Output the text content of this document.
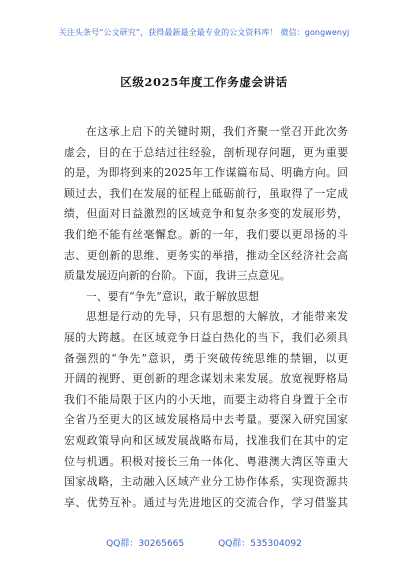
关注头条号“公文研究”，获得最新最全最专业的公文资料库！ 微信：gongwenyj
区级2025年度工作务虚会讲话
在这承上启下的关键时期，我们齐聚一堂召开此次务
虚会，目的在于总结过往经验，剖析现存问题，更为重要
的是，为即将到来的2025年工作谋篇布局、明确方向。回
顾过去，我们在发展的征程上砥砺前行，虽取得了一定成
绩，但面对日益激烈的区域竞争和复杂多变的发展形势，
我们绝不能有丝毫懈怠。新的一年，我们要以更昂扬的斗
志、更创新的思维、更务实的举措，推动全区经济社会高
质量发展迈向新的台阶。下面，我讲三点意见。
一、要有“争先”意识，敢于解放思想
思想是行动的先导，只有思想的大解放，才能带来发
展的大跨越。在区域竞争日益白热化的当下，我们必须具
备强烈的“争先”意识，勇于突破传统思维的禁锢，以更
开阔的视野、更创新的理念谋划未来发展。放宽视野格局
我们不能局限于区内的小天地，而要主动将自身置于全市
全省乃至更大的区域发展格局中去考量。要深入研究国家
宏观政策导向和区域发展战略布局，找准我们在其中的定
位与机遇。积极对接长三角一体化、粤港澳大湾区等重大
国家战略，主动融入区域产业分工协作体系，实现资源共
享、优势互补。通过与先进地区的交流合作，学习借鉴其
QQ群：30265665	QQ群：535304092
